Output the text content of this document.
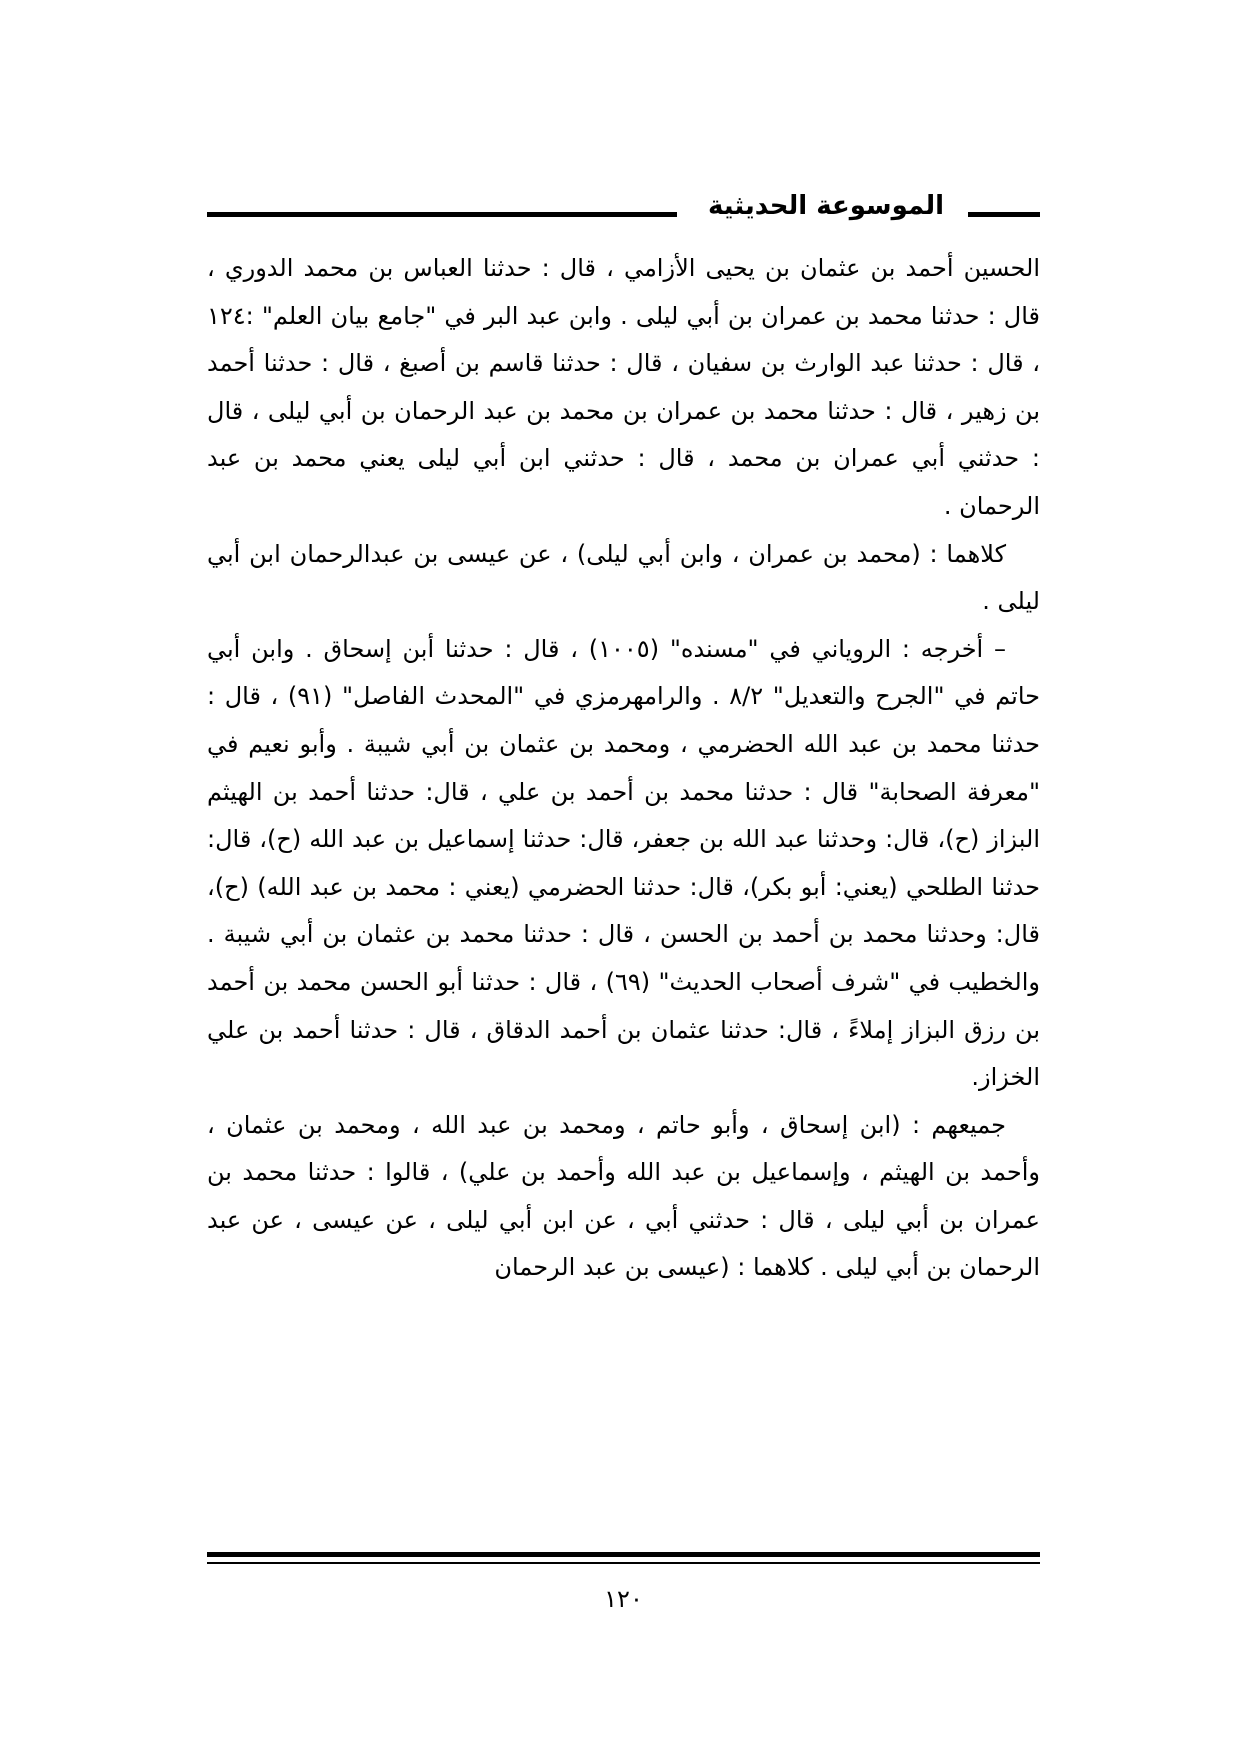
الموسوعة الحديثية

الحسين أحمد بن عثمان بن يحيى الأزامي ، قال : حدثنا العباس بن محمد الدوري ، قال : حدثنا محمد بن عمران بن أبي ليلى . وابن عبد البر في "جامع بيان العلم" :١٢٤ ، قال : حدثنا عبد الوارث بن سفيان ، قال : حدثنا قاسم بن أصبغ ، قال : حدثنا أحمد بن زهير ، قال : حدثنا محمد بن عمران بن محمد بن عبد الرحمان بن أبي ليلى ، قال : حدثني أبي عمران بن محمد ، قال : حدثني ابن أبي ليلى يعني محمد بن عبد الرحمان .

كلاهما : (محمد بن عمران ، وابن أبي ليلى) ، عن عيسى بن عبدالرحمان ابن أبي ليلى .

– أخرجه : الروياني في "مسنده" (١٠٠٥) ، قال : حدثنا أبن إسحاق . وابن أبي حاتم في "الجرح والتعديل" ٨/٢ . والرامهرمزي في "المحدث الفاصل" (٩١) ، قال : حدثنا محمد بن عبد الله الحضرمي ، ومحمد بن عثمان بن أبي شيبة . وأبو نعيم في "معرفة الصحابة" قال : حدثنا محمد بن أحمد بن علي ، قال: حدثنا أحمد بن الهيثم البزاز (ح)، قال: وحدثنا عبد الله بن جعفر، قال: حدثنا إسماعيل بن عبد الله (ح)، قال: حدثنا الطلحي (يعني: أبو بكر)، قال: حدثنا الحضرمي (يعني : محمد بن عبد الله) (ح)، قال: وحدثنا محمد بن أحمد بن الحسن ، قال : حدثنا محمد بن عثمان بن أبي شيبة . والخطيب في "شرف أصحاب الحديث" (٦٩) ، قال : حدثنا أبو الحسن محمد بن أحمد بن رزق البزاز إملاءً ، قال: حدثنا عثمان بن أحمد الدقاق ، قال : حدثنا أحمد بن علي الخزاز.

جميعهم : (ابن إسحاق ، وأبو حاتم ، ومحمد بن عبد الله ، ومحمد بن عثمان ، وأحمد بن الهيثم ، وإسماعيل بن عبد الله وأحمد بن علي) ، قالوا : حدثنا محمد بن عمران بن أبي ليلى ، قال : حدثني أبي ، عن ابن أبي ليلى ، عن عيسى ، عن عبد الرحمان بن أبي ليلى . كلاهما : (عيسى بن عبد الرحمان

١٢٠
